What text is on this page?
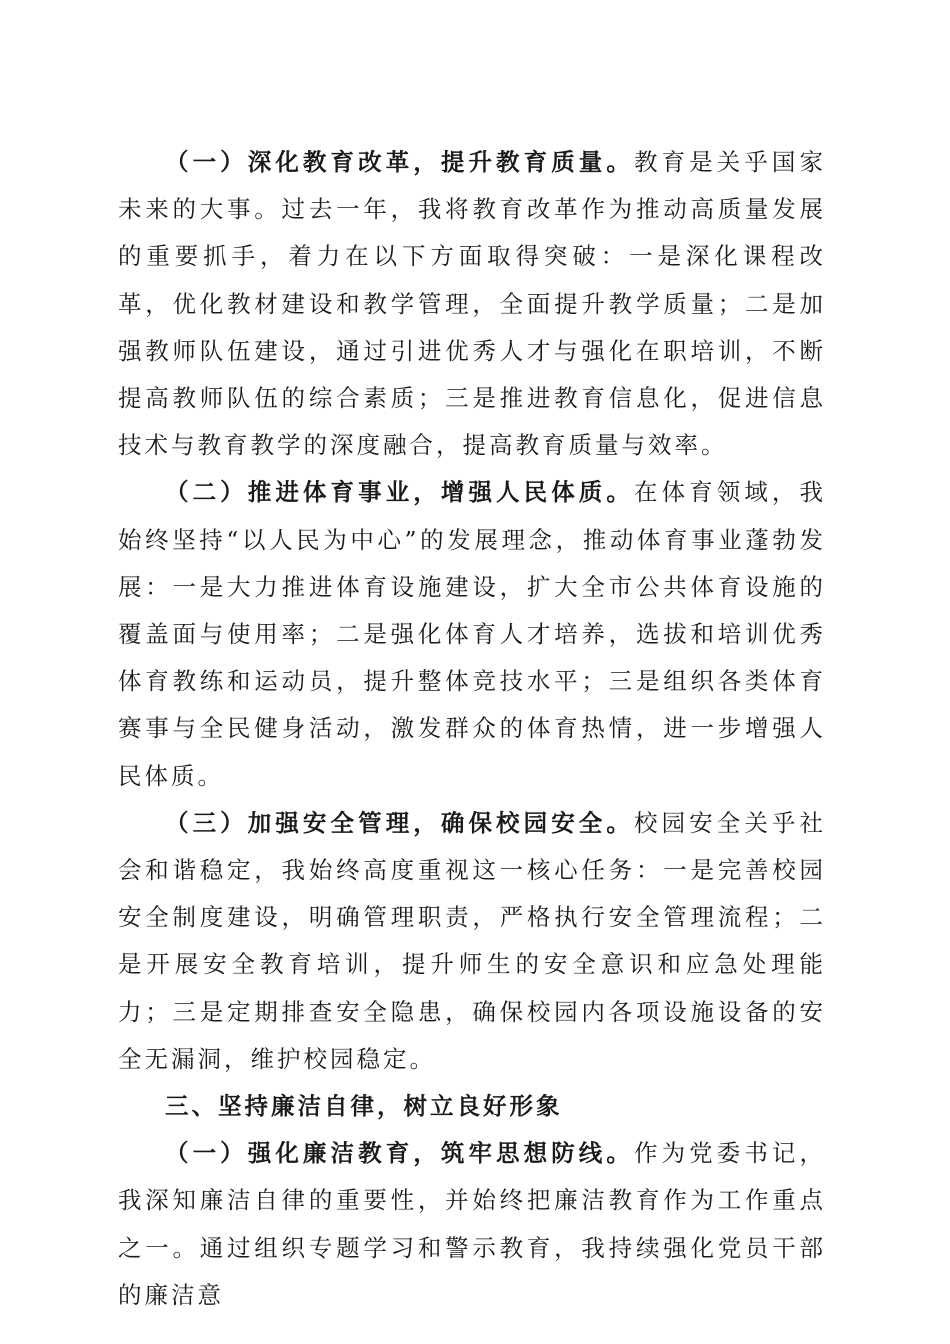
（一）深化教育改革，提升教育质量。教育是关乎国家未来的大事。过去一年，我将教育改革作为推动高质量发展的重要抓手，着力在以下方面取得突破：一是深化课程改革，优化教材建设和教学管理，全面提升教学质量；二是加强教师队伍建设，通过引进优秀人才与强化在职培训，不断提高教师队伍的综合素质；三是推进教育信息化，促进信息技术与教育教学的深度融合，提高教育质量与效率。

（二）推进体育事业，增强人民体质。在体育领域，我始终坚持“以人民为中心”的发展理念，推动体育事业蓬勃发展：一是大力推进体育设施建设，扩大全市公共体育设施的覆盖面与使用率；二是强化体育人才培养，选拔和培训优秀体育教练和运动员，提升整体竞技水平；三是组织各类体育赛事与全民健身活动，激发群众的体育热情，进一步增强人民体质。

（三）加强安全管理，确保校园安全。校园安全关乎社会和谐稳定，我始终高度重视这一核心任务：一是完善校园安全制度建设，明确管理职责，严格执行安全管理流程；二是开展安全教育培训，提升师生的安全意识和应急处理能力；三是定期排查安全隐患，确保校园内各项设施设备的安全无漏洞，维护校园稳定。

三、坚持廉洁自律，树立良好形象

（一）强化廉洁教育，筑牢思想防线。作为党委书记，我深知廉洁自律的重要性，并始终把廉洁教育作为工作重点之一。通过组织专题学习和警示教育，我持续强化党员干部的廉洁意
